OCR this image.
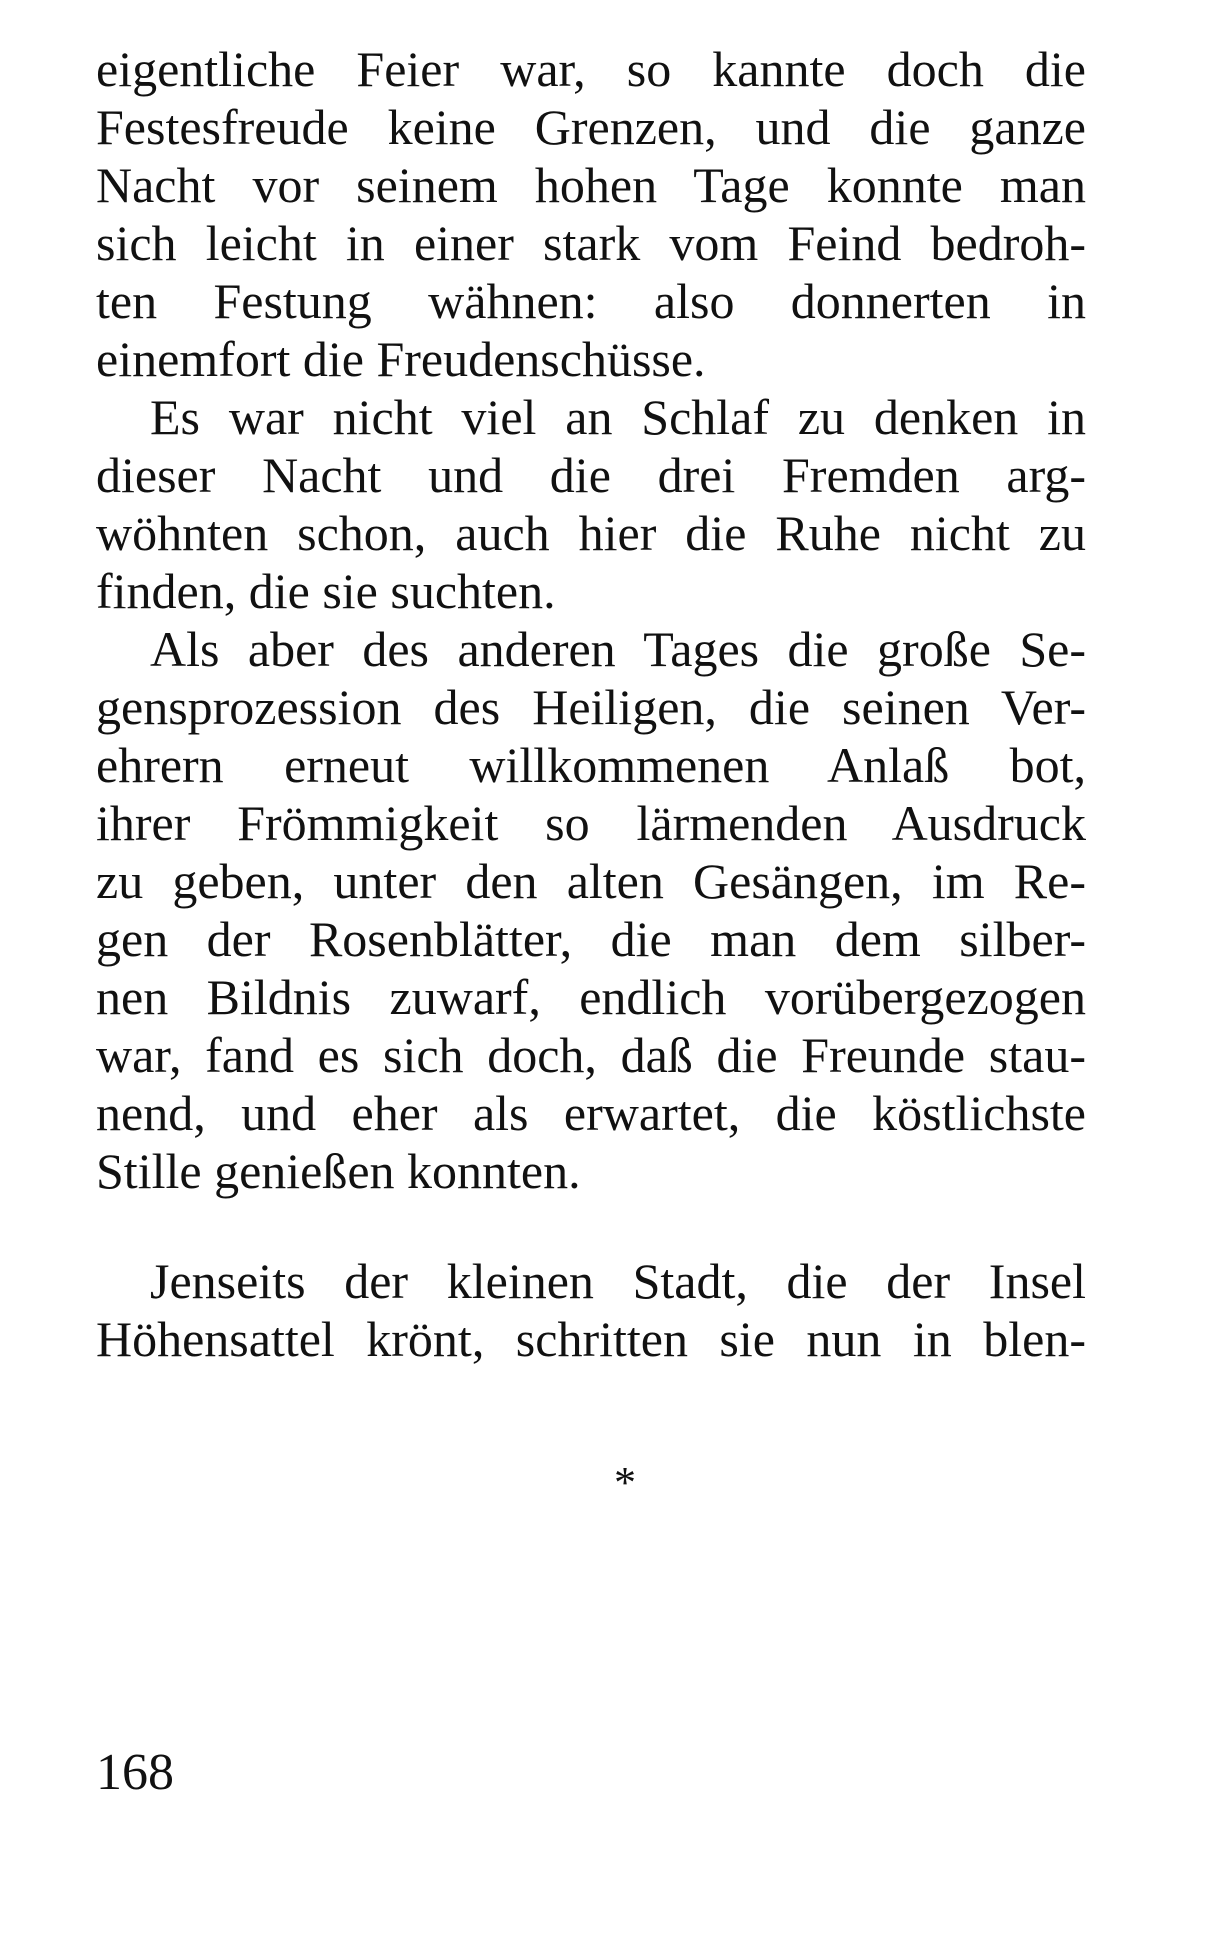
eigentliche Feier war, so kannte doch die
Festesfreude keine Grenzen, und die ganze
Nacht vor seinem hohen Tage konnte man
sich leicht in einer stark vom Feind bedroh-
ten Festung wähnen: also donnerten in
einemfort die Freudenschüsse.
Es war nicht viel an Schlaf zu denken in
dieser Nacht und die drei Fremden arg-
wöhnten schon, auch hier die Ruhe nicht zu
finden, die sie suchten.
Als aber des anderen Tages die große Se-
gensprozession des Heiligen, die seinen Ver-
ehrern erneut willkommenen Anlaß bot,
ihrer Frömmigkeit so lärmenden Ausdruck
zu geben, unter den alten Gesängen, im Re-
gen der Rosenblätter, die man dem silber-
nen Bildnis zuwarf, endlich vorübergezogen
war, fand es sich doch, daß die Freunde stau-
nend, und eher als erwartet, die köstlichste
Stille genießen konnten.
*
Jenseits der kleinen Stadt, die der Insel
Höhensattel krönt, schritten sie nun in blen-
168
